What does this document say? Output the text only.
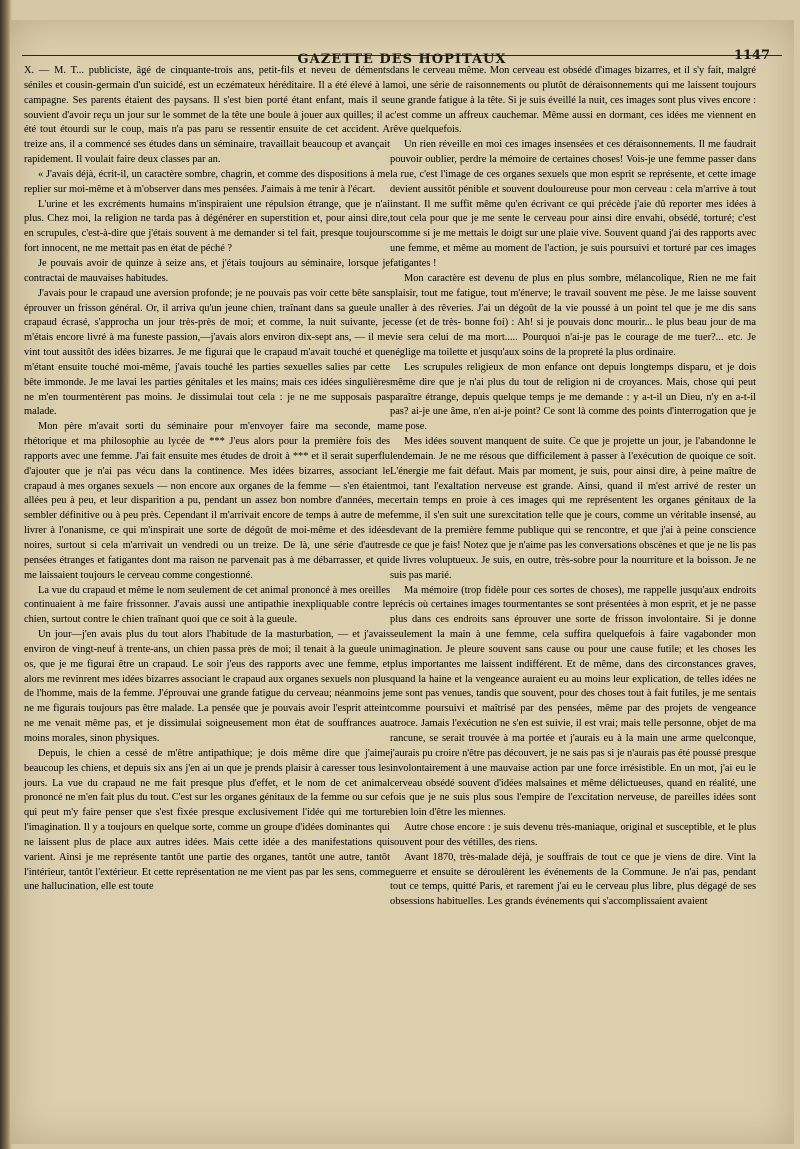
GAZETTE DES HOPITAUX	1147

X. — M. T... publiciste, âgé de cinquante-trois ans, petit-fils et neveu de déments séniles et cousin-germain d'un suicidé, est un eczémateux héréditaire. Il a été élevé à la campagne. Ses parents étaient des paysans. Il s'est bien porté étant enfant, mais il se souvient d'avoir reçu un jour sur le sommet de la tête une boule à jouer aux quilles; il a été tout étourdi sur le coup, mais n'a pas paru se ressentir ensuite de cet accident. A treize ans, il a commencé ses études dans un séminaire, travaillait beaucoup et avançait rapidement. Il voulait faire deux classes par an.

« J'avais déjà, écrit-il, un caractère sombre, chagrin, et comme des dispositions à me replier sur moi-même et à m'observer dans mes pensées. J'aimais à me tenir à l'écart.

L'urine et les excréments humains m'inspiraient une répulsion étrange, que je n'ai plus. Chez moi, la religion ne tarda pas à dégénérer en superstition et, pour ainsi dire, en scrupules, c'est-à-dire que j'étais souvent à me demander si tel fait, presque toujours fort innocent, ne me mettait pas en état de péché ?

Je pouvais avoir de quinze à seize ans, et j'étais toujours au séminaire, lorsque je contractai de mauvaises habitudes.

J'avais pour le crapaud une aversion profonde; je ne pouvais pas voir cette bête sans éprouver un frisson général. Or, il arriva qu'un jeune chien, traînant dans sa gueule un crapaud écrasé, s'approcha un jour très-près de moi; et comme, la nuit suivante, je m'étais encore livré à ma funeste passion,—j'avais alors environ dix-sept ans, — il me vint tout aussitôt des idées bizarres. Je me figurai que le crapaud m'avait touché et que m'étant ensuite touché moi-même, j'avais touché les parties sexuelles salies par cette bête immonde. Je me lavai les parties génitales et les mains; mais ces idées singulières ne m'en tourmentèrent pas moins. Je dissimulai tout cela : je ne me supposais pas malade.

Mon père m'avait sorti du séminaire pour m'envoyer faire ma seconde, ma rhétorique et ma philosophie au lycée de *** J'eus alors pour la première fois des rapports avec une femme. J'ai fait ensuite mes études de droit à *** et il serait superflu d'ajouter que je n'ai pas vécu dans la continence. Mes idées bizarres, associant le crapaud à mes organes sexuels — non encore aux organes de la femme — s'en étaient allées peu à peu, et leur disparition a pu, pendant un assez bon nombre d'années, me sembler définitive ou à peu près. Cependant il m'arrivait encore de temps à autre de me livrer à l'onanisme, ce qui m'inspirait une sorte de dégoût de moi-même et des idées noires, surtout si cela m'arrivait un vendredi ou un treize. De là, une série d'autres pensées étranges et fatigantes dont ma raison ne parvenait pas à me débarrasser, et qui me laissaient toujours le cerveau comme congestionné.

La vue du crapaud et même le nom seulement de cet animal prononcé à mes oreilles continuaient à me faire frissonner. J'avais aussi une antipathie inexpliquable contre le chien, surtout contre le chien traînant quoi que ce soit à la gueule.

Un jour—j'en avais plus du tout alors l'habitude de la masturbation, — et j'avais environ de vingt-neuf à trente-ans, un chien passa près de moi; il tenait à la gueule un os, que je me figurai être un crapaud. Le soir j'eus des rapports avec une femme, et alors me revinrent mes idées bizarres associant le crapaud aux organes sexuels non plus de l'homme, mais de la femme. J'éprouvai une grande fatigue du cerveau; néanmoins je ne me figurais toujours pas être malade. La pensée que je pouvais avoir l'esprit atteint ne me venait même pas, et je dissimulai soigneusement mon état de souffrances au moins morales, sinon physiques.

Depuis, le chien a cessé de m'être antipathique; je dois même dire que j'aime beaucoup les chiens, et depuis six ans j'en ai un que je prends plaisir à caresser tous les jours. La vue du crapaud ne me fait presque plus d'effet, et le nom de cet animal prononcé ne m'en fait plus du tout. C'est sur les organes génitaux de la femme ou sur ce qui peut m'y faire penser que s'est fixée presque exclusivement l'idée qui me torture l'imagination. Il y a toujours en quelque sorte, comme un groupe d'idées dominantes qui ne laissent plus de place aux autres idées. Mais cette idée a des manifestations qui varient. Ainsi je me représente tantôt une partie des organes, tantôt une autre, tantôt l'intérieur, tantôt l'extérieur. Et cette représentation ne me vient pas par les sens, comme une hallucination, elle est toute

dans le cerveau même. Mon cerveau est obsédé d'images bizarres, et il s'y fait, malgré moi, une série de raisonnements ou plutôt de déraisonnements qui me laissent toujours une grande fatigue à la tête. Si je suis éveillé la nuit, ces images sont plus vives encore : c'est comme un affreux cauchemar. Même aussi en dormant, ces idées me viennent en rêve quelquefois.

Un rien réveille en moi ces images insensées et ces déraisonnements. Il me faudrait pouvoir oublier, perdre la mémoire de certaines choses! Vois-je une femme passer dans la rue, c'est l'image de ces organes sexuels que mon esprit se représente, et cette image devient aussitôt pénible et souvent douloureuse pour mon cerveau : cela m'arrive à tout instant. Il me suffit même qu'en écrivant ce qui précède j'aie dû reporter mes idées à tout cela pour que je me sente le cerveau pour ainsi dire envahi, obsédé, torturé; c'est comme si je me mettais le doigt sur une plaie vive. Souvent quand j'ai des rapports avec une femme, et même au moment de l'action, je suis poursuivi et torturé par ces images fatigantes !

Mon caractère est devenu de plus en plus sombre, mélancolique, Rien ne me fait plaisir, tout me fatigue, tout m'énerve; le travail souvent me pèse. Je me laisse souvent aller à des rêveries. J'ai un dégoût de la vie poussé à un point tel que je me dis sans cesse (et de très- bonne foi) : Ah! si je pouvais donc mourir... le plus beau jour de ma vie sera celui de ma mort..... Pourquoi n'ai-je pas le courage de me tuer?... etc. Je néglige ma toilette et jusqu'aux soins de la propreté la plus ordinaire.

Les scrupules religieux de mon enfance ont depuis longtemps disparu, et je dois même dire que je n'ai plus du tout de religion ni de croyances. Mais, chose qui peut paraître étrange, depuis quelque temps je me demande : y a-t-il un Dieu, n'y en a-t-il pas? ai-je une âme, n'en ai-je point? Ce sont là comme des points d'interrogation que je me pose.

Mes idées souvent manquent de suite. Ce que je projette un jour, je l'abandonne le lendemain. Je ne me résous que difficilement à passer à l'exécution de quoique ce soit. L'énergie me fait défaut. Mais par moment, je suis, pour ainsi dire, à peine maître de moi, tant l'exaltation nerveuse est grande. Ainsi, quand il m'est arrivé de rester un certain temps en proie à ces images qui me représentent les organes génitaux de la femme, il s'en suit une surexcitation telle que je cours, comme un véritable insensé, au devant de la première femme publique qui se rencontre, et que j'ai à peine conscience de ce que je fais! Notez que je n'aime pas les conversations obscènes et que je ne lis pas de livres voluptueux. Je suis, en outre, très-sobre pour la nourriture et la boisson. Je ne suis pas marié.

Ma mémoire (trop fidèle pour ces sortes de choses), me rappelle jusqu'aux endroits précis où certaines images tourmentantes se sont présentées à mon esprit, et je ne passe plus dans ces endroits sans éprouver une sorte de frisson involontaire. Si je donne seulement la main à une femme, cela suffira quelquefois à faire vagabonder mon imagination. Je pleure souvent sans cause ou pour une cause futile; et les choses les plus importantes me laissent indifférent. Et de même, dans des circonstances graves, quand la haine et la vengeance auraient eu au moins leur explication, de telles idées ne me sont pas venues, tandis que souvent, pour des choses tout à fait futiles, je me sentais comme poursuivi et maîtrisé par des pensées, même par des projets de vengeance atroce. Jamais l'exécution ne s'en est suivie, il est vrai; mais telle personne, objet de ma rancune, se serait trouvée à ma portée et j'aurais eu à la main une arme quelconque, j'aurais pu croire n'être pas découvert, je ne sais pas si je n'aurais pas été poussé presque involontairement à une mauvaise action par une force irrésistible. En un mot, j'ai eu le cerveau obsédé souvent d'idées malsaines et même délictueuses, quand en réalité, une fois que je ne suis plus sous l'empire de l'excitation nerveuse, de pareilles idées sont bien loin d'être les miennes.

Autre chose encore : je suis devenu très-maniaque, original et susceptible, et le plus souvent pour des vétilles, des riens.

Avant 1870, très-malade déjà, je souffrais de tout ce que je viens de dire. Vint la guerre et ensuite se déroulèrent les événements de la Commune. Je n'ai pas, pendant tout ce temps, quitté Paris, et rarement j'ai eu le cerveau plus libre, plus dégagé de ses obsessions habituelles. Les grands événements qui s'accomplissaient avaient
